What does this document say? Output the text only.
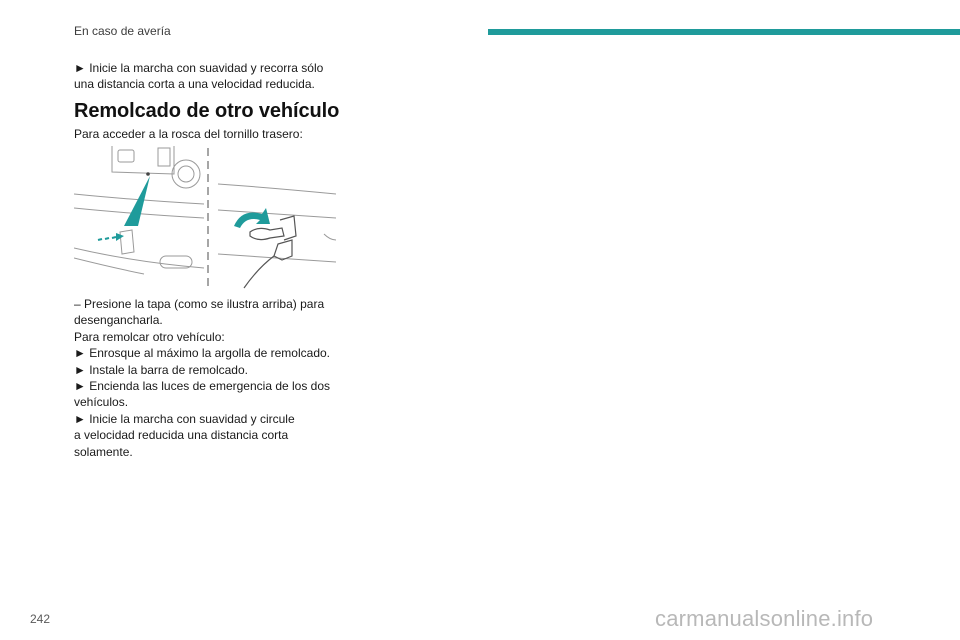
En caso de avería

► Inicie la marcha con suavidad y recorra sólo

una distancia corta a una velocidad reducida.

Remolcado de otro vehículo

Para acceder a la rosca del tornillo trasero:

– Presione la tapa (como se ilustra arriba) para

desengancharla.

Para remolcar otro vehículo:

► Enrosque al máximo la argolla de remolcado.

► Instale la barra de remolcado.

► Encienda las luces de emergencia de los dos

vehículos.

► Inicie la marcha con suavidad y circule

a velocidad reducida una distancia corta

solamente.

242	carmanualsonline.info
